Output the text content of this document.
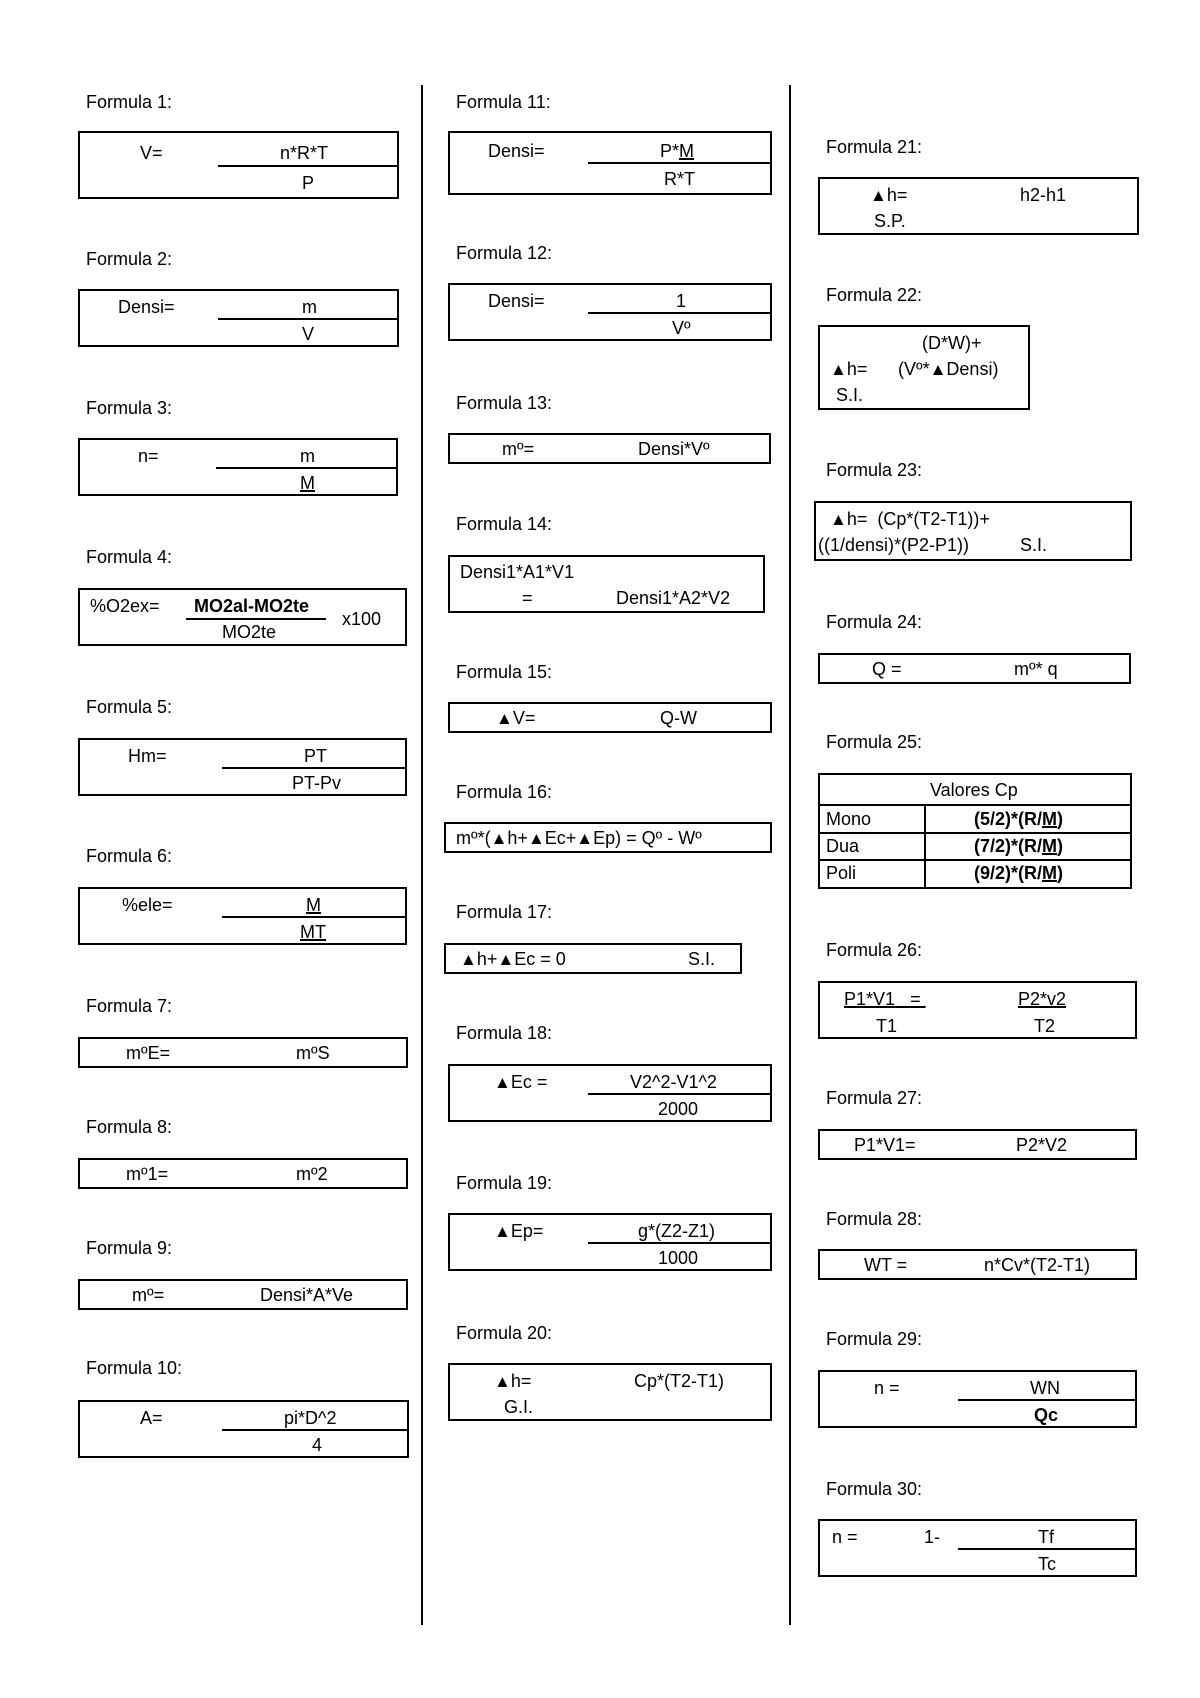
Formula 1:
V=	n*R*T
P
Formula 2:
Densi=	m
V
Formula 3:
n=	m
M
Formula 4:
%O2ex= MO2al-MO2te
MO2te
x100
Formula 5:
Hm=	PT
PT-Pv
Formula 6:
%ele=	M
MT
Formula 7:
mºE=	mºS
Formula 8:
mº1=	mº2
Formula 9:
mº=	Densi*A*Ve
Formula 10:
A=	pi*D^2
4
Formula 11:
Densi=	P*M
R*T
Formula 12:
Densi=	1
Vº
Formula 13:
mº=	Densi*Vº
Formula 14:
Densi1*A1*V1
=	Densi1*A2*V2
Formula 15:
▲V=	Q-W
Formula 16:
mº*(▲h+▲Ec+▲Ep) = Qº - Wº
Formula 17:
▲h+▲Ec = 0	S.I.
Formula 18:
▲Ec =	V2^2-V1^2
2000
Formula 19:
▲Ep=	g*(Z2-Z1)
1000
Formula 20:
▲h=	Cp*(T2-T1)
G.I.
Formula 21:
▲h=	h2-h1
S.P.
Formula 22:
(D*W)+
▲h= (Vº*▲Densi)
S.I.
Formula 23:
▲h= (Cp*(T2-T1))+
((1/densi)*(P2-P1))	S.I.
Formula 24:
Q =	mº* q
Formula 25:
Valores Cp
Mono	(5/2)*(R/M)
Dua	(7/2)*(R/M)
Poli	(9/2)*(R/M)
Formula 26:
P1*V1 =	P2*v2
T1	T2
Formula 27:
P1*V1=	P2*V2
Formula 28:
WT =	n*Cv*(T2-T1)
Formula 29:
n =	WN
Qc
Formula 30:
n =	1-	Tf
Tc
